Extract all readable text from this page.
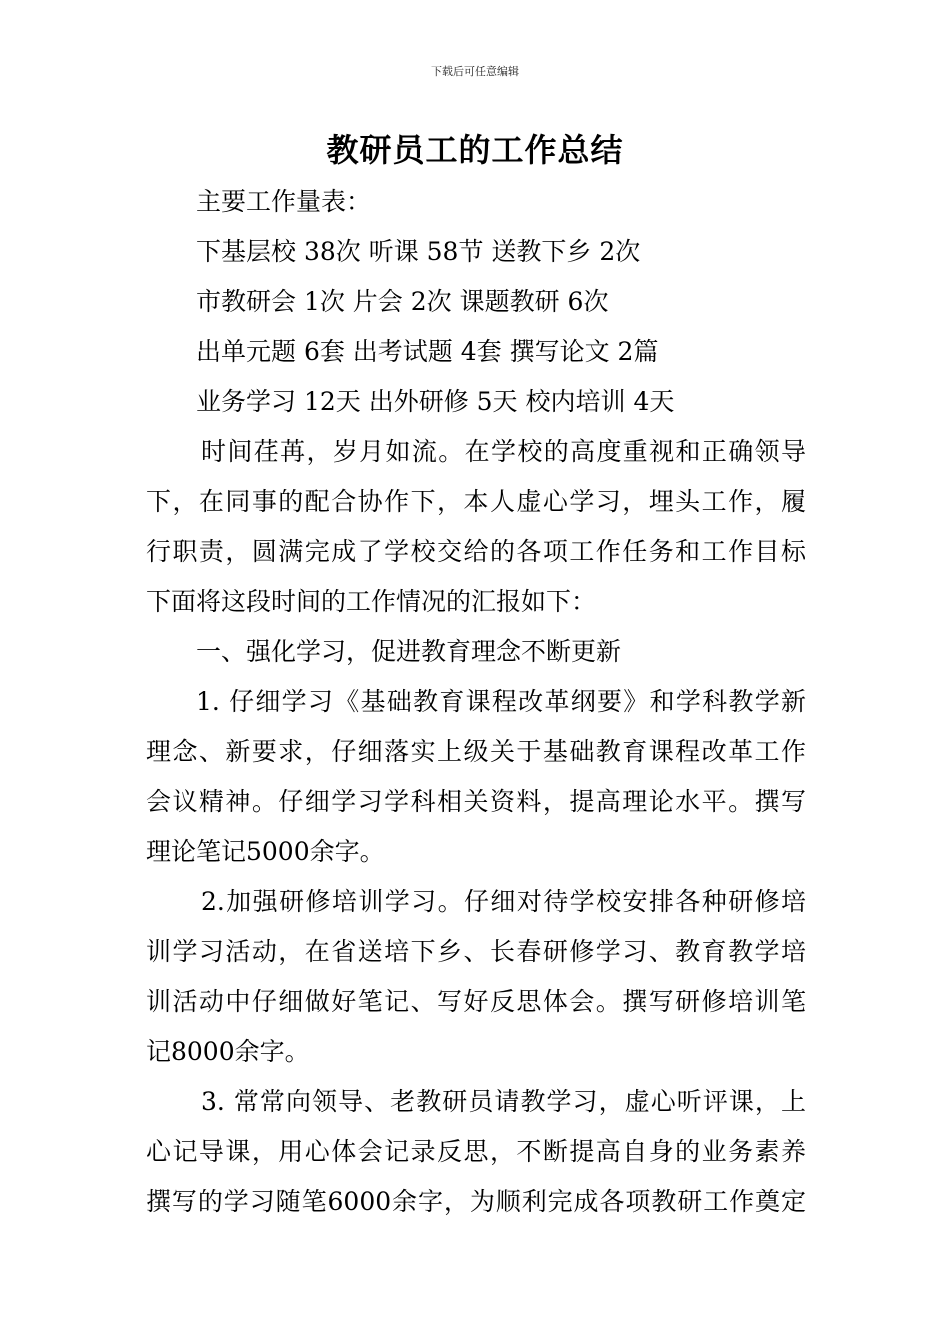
下载后可任意编辑
教研员工的工作总结
主要工作量表：
下基层校 38次 听课 58节 送教下乡 2次
市教研会 1次 片会 2次 课题教研 6次
出单元题 6套 出考试题 4套 撰写论文 2篇
业务学习 12天 出外研修 5天 校内培训 4天
时间荏苒，岁月如流。在学校的高度重视和正确领导
下，在同事的配合协作下，本人虚心学习，埋头工作，履
行职责，圆满完成了学校交给的各项工作任务和工作目标
下面将这段时间的工作情况的汇报如下：
一、强化学习，促进教育理念不断更新
1. 仔细学习《基础教育课程改革纲要》和学科教学新
理念、新要求，仔细落实上级关于基础教育课程改革工作
会议精神。仔细学习学科相关资料，提高理论水平。撰写
理论笔记5000余字。
2.加强研修培训学习。仔细对待学校安排各种研修培
训学习活动，在省送培下乡、长春研修学习、教育教学培
训活动中仔细做好笔记、写好反思体会。撰写研修培训笔
记8000余字。
3. 常常向领导、老教研员请教学习，虚心听评课，上
心记导课，用心体会记录反思，不断提高自身的业务素养
撰写的学习随笔6000余字，为顺利完成各项教研工作奠定
